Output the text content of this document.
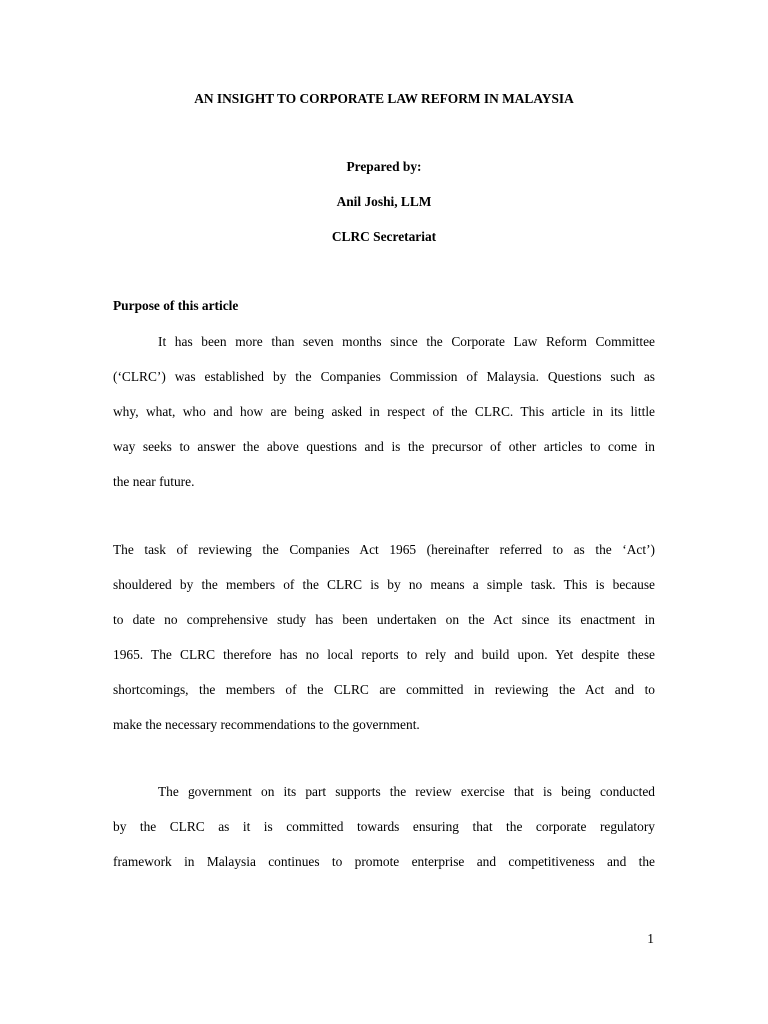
AN INSIGHT TO CORPORATE LAW REFORM IN MALAYSIA
Prepared by:
Anil Joshi, LLM
CLRC Secretariat
Purpose of this article
It has been more than seven months since the Corporate Law Reform Committee
(‘CLRC’) was established by the Companies Commission of Malaysia. Questions such as
why, what, who and how are being asked in respect of the CLRC. This article in its little
way seeks to answer the above questions and is the precursor of other articles to come in
the near future.
The task of reviewing the Companies Act 1965 (hereinafter referred to as the ‘Act’)
shouldered by the members of the CLRC is by no means a simple task. This is because
to date no comprehensive study has been undertaken on the Act since its enactment in
1965. The CLRC therefore has no local reports to rely and build upon. Yet despite these
shortcomings, the members of the CLRC are committed in reviewing the Act and to
make the necessary recommendations to the government.
The government on its part supports the review exercise that is being conducted
by the CLRC as it is committed towards ensuring that the corporate regulatory
framework in Malaysia continues to promote enterprise and competitiveness and the
1
